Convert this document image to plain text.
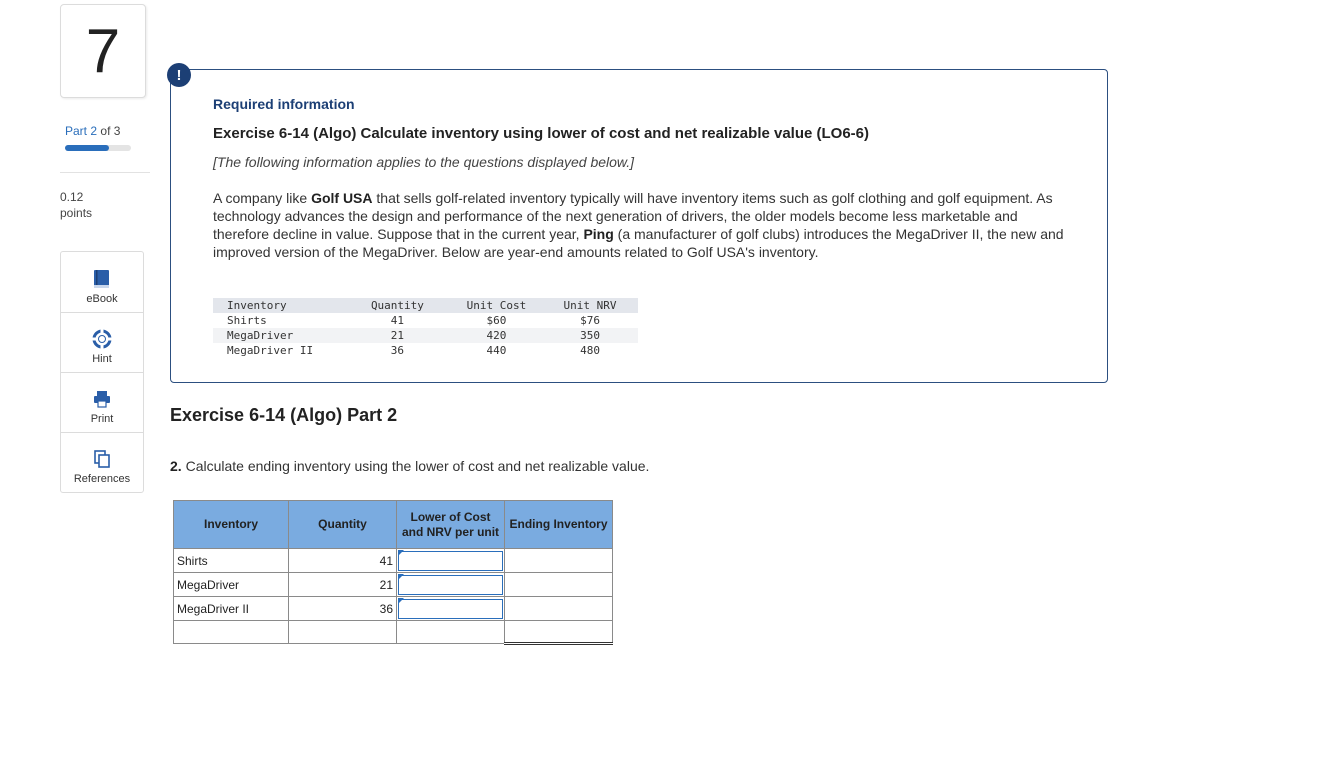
7
Part 2 of 3
0.12
points
eBook
Hint
Print
References
!
Required information
Exercise 6-14 (Algo) Calculate inventory using lower of cost and net realizable value (LO6-6)
[The following information applies to the questions displayed below.]
A company like Golf USA that sells golf-related inventory typically will have inventory items such as golf clothing and golf equipment. As technology advances the design and performance of the next generation of drivers, the older models become less marketable and therefore decline in value. Suppose that in the current year, Ping (a manufacturer of golf clubs) introduces the MegaDriver II, the new and improved version of the MegaDriver. Below are year-end amounts related to Golf USA's inventory.
Inventory	Quantity	Unit Cost	Unit NRV
Shirts	41	$60	$76
MegaDriver	21	420	350
MegaDriver II	36	440	480
Exercise 6-14 (Algo) Part 2
2. Calculate ending inventory using the lower of cost and net realizable value.
Inventory	Quantity	Lower of Cost and NRV per unit	Ending Inventory
Shirts	41	

MegaDriver	21	

MegaDriver II	36	
